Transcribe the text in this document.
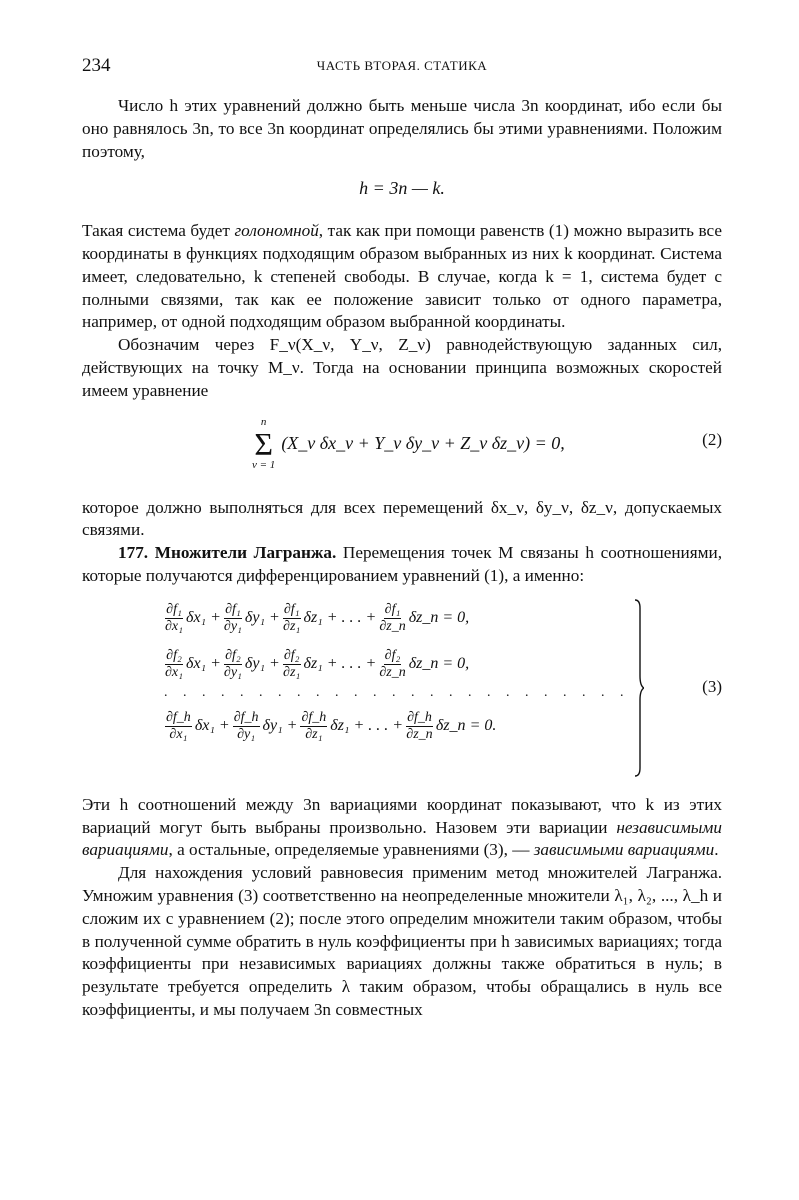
234	ЧАСТЬ ВТОРАЯ. СТАТИКА

Число h этих уравнений должно быть меньше числа 3n координат, ибо если бы оно равнялось 3n, то все 3n координат определялись бы этими уравнениями. Положим поэтому,

h = 3n — k.

Такая система будет голономной, так как при помощи равенств (1) можно выразить все координаты в функциях подходящим образом выбранных из них k координат. Система имеет, следовательно, k степеней свободы. В случае, когда k = 1, система будет с полными связями, так как ее положение зависит только от одного параметра, например, от одной подходящим образом выбранной координаты.

Обозначим через F_ν(X_ν, Y_ν, Z_ν) равнодействующую заданных сил, действующих на точку M_ν. Тогда на основании принципа возможных скоростей имеем уравнение

n
Σ
ν = 1
(X_ν δx_ν + Y_ν δy_ν + Z_ν δz_ν) = 0,	(2)

которое должно выполняться для всех перемещений δx_ν, δy_ν, δz_ν, допускаемых связями.

177. Множители Лагранжа. Перемещения точек M связаны h соотношениями, которые получаются дифференцированием уравнений (1), а именно:

$\frac{\text{∂f₁}}{\text{∂x₁}} \delta x_1 + \frac{\text{∂f₁}}{\text{∂y₁}} \delta y_1 + \frac{\text{∂f₁}}{\text{∂z₁}} \delta z_1$ + . . . + $\frac{\text{∂f₁}}{\partial z\_n}$ δz_n = 0,
$\frac{\text{∂f₂}}{\text{∂x₁}} \delta x_1 + \frac{\text{∂f₂}}{\text{∂y₁}} \delta y_1 + \frac{\text{∂f₂}}{\text{∂z₁}} \delta z_1$ + . . . + $\frac{\text{∂f₂}}{\partial z\_n}$ δz_n = 0,
. . . . . . . . . . . . . . . . . . . . . . . . .
$\frac{\partial f\_h}{\text{∂x₁}} \delta x_1 + \frac{\partial f\_h}{\text{∂y₁}} \delta y_1 + \frac{\partial f\_h}{\text{∂z₁}} \delta z_1$ + . . . + $\frac{\partial f\_h}{\partial z\_n}$ δz_n = 0.
(3)

Эти h соотношений между 3n вариациями координат показывают, что k из этих вариаций могут быть выбраны произвольно. Назовем эти вариации независимыми вариациями, а остальные, определяемые уравнениями (3), — зависимыми вариациями.

Для нахождения условий равновесия применим метод множителей Лагранжа. Умножим уравнения (3) соответственно на неопределенные множители λ₁, λ₂, ..., λ_h и сложим их с уравнением (2); после этого определим множители таким образом, чтобы в полученной сумме обратить в нуль коэффициенты при h зависимых вариациях; тогда коэффициенты при независимых вариациях должны также обратиться в нуль; в результате требуется определить λ таким образом, чтобы обращались в нуль все коэффициенты, и мы получаем 3n совместных
